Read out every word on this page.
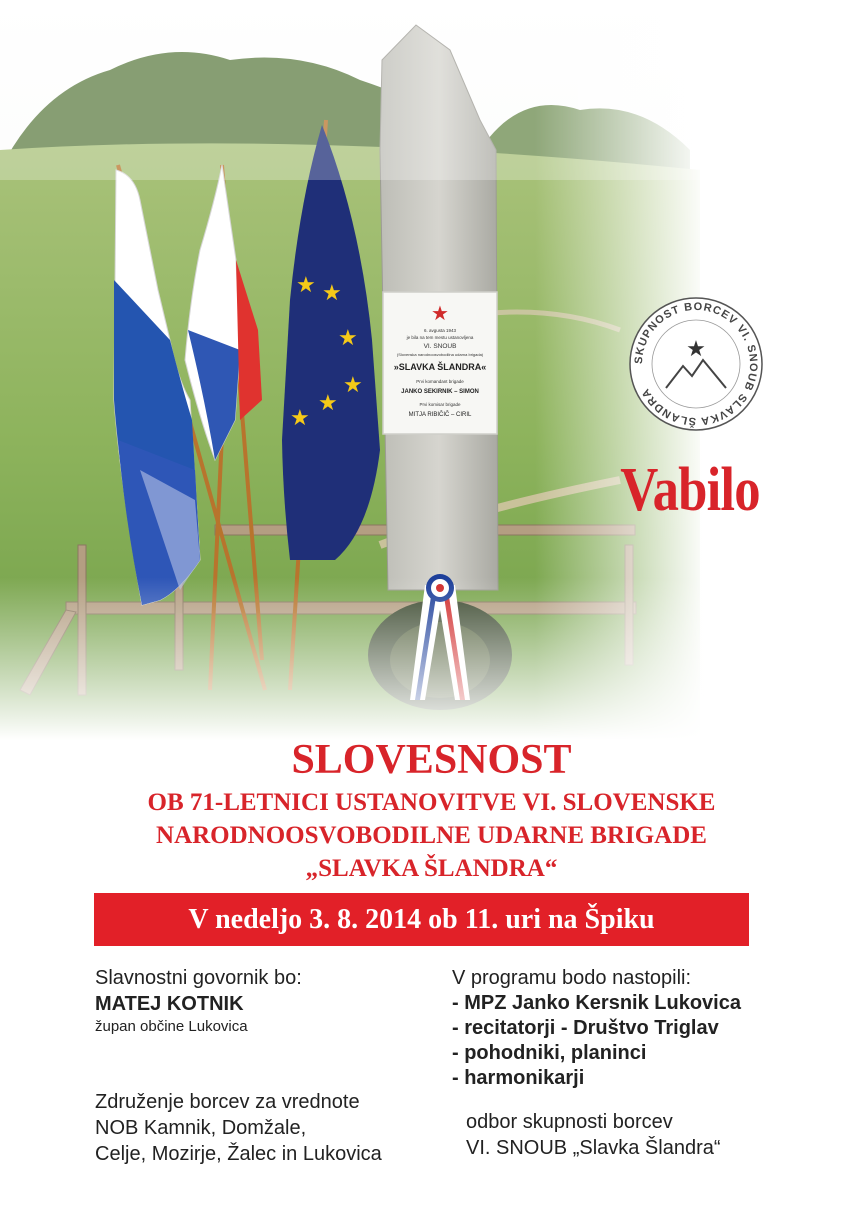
SKUPNOST BORCEV VI. SNOUB SLAVKA ŠLANDRA
★
Vabilo
SLOVESNOST
OB 71-LETNICI USTANOVITVE VI. SLOVENSKE
NARODNOOSVOBODILNE UDARNE BRIGADE
„SLAVKA ŠLANDRA“
V nedeljo 3. 8. 2014 ob 11. uri na Špiku
Slavnostni govornik bo:
MATEJ KOTNIK
župan občine Lukovica
Združenje borcev za vrednote
NOB Kamnik, Domžale,
Celje, Mozirje, Žalec in Lukovica
V programu bodo nastopili:
- MPZ Janko Kersnik Lukovica
- recitatorji - Društvo Triglav
- pohodniki, planinci
- harmonikarji
odbor skupnosti borcev
VI. SNOUB „Slavka Šlandra“
